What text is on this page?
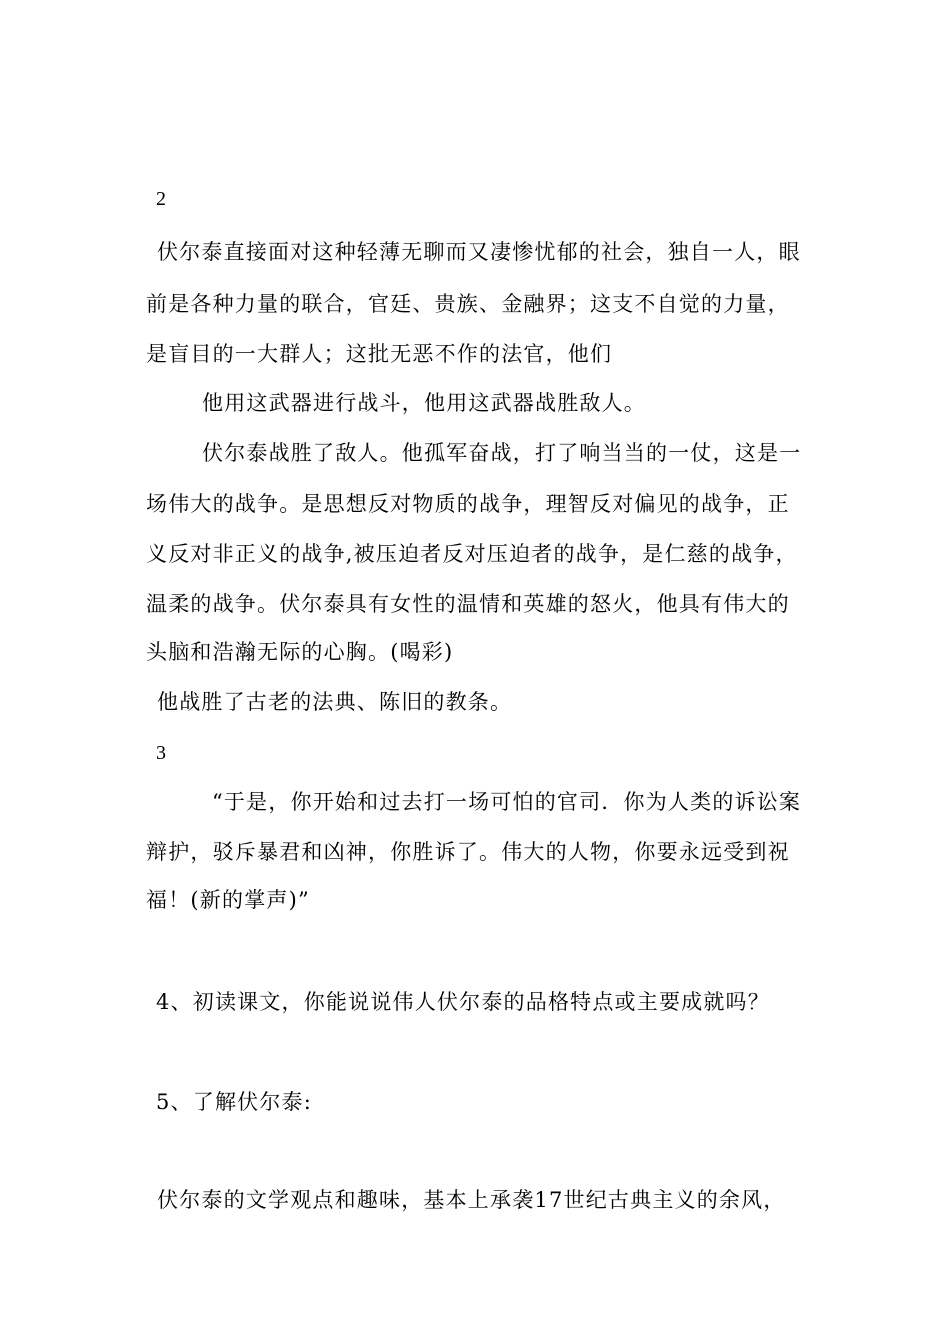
2
伏尔泰直接面对这种轻薄无聊而又凄惨忧郁的社会，独自一人，眼
前是各种力量的联合，官廷、贵族、金融界；这支不自觉的力量，
是盲目的一大群人；这批无恶不作的法官，他们
他用这武器进行战斗，他用这武器战胜敌人。
伏尔泰战胜了敌人。他孤军奋战，打了响当当的一仗，这是一
场伟大的战争。是思想反对物质的战争，理智反对偏见的战争，正
义反对非正义的战争,被压迫者反对压迫者的战争，是仁慈的战争，
温柔的战争。伏尔泰具有女性的温情和英雄的怒火，他具有伟大的
头脑和浩瀚无际的心胸。(喝彩)
他战胜了古老的法典、陈旧的教条。
3
“于是，你开始和过去打一场可怕的官司．你为人类的诉讼案
辩护，驳斥暴君和凶神，你胜诉了。伟大的人物，你要永远受到祝
福！(新的掌声)”
4、初读课文，你能说说伟人伏尔泰的品格特点或主要成就吗？
5、了解伏尔泰:
伏尔泰的文学观点和趣味，基本上承袭17世纪古典主义的余风，
